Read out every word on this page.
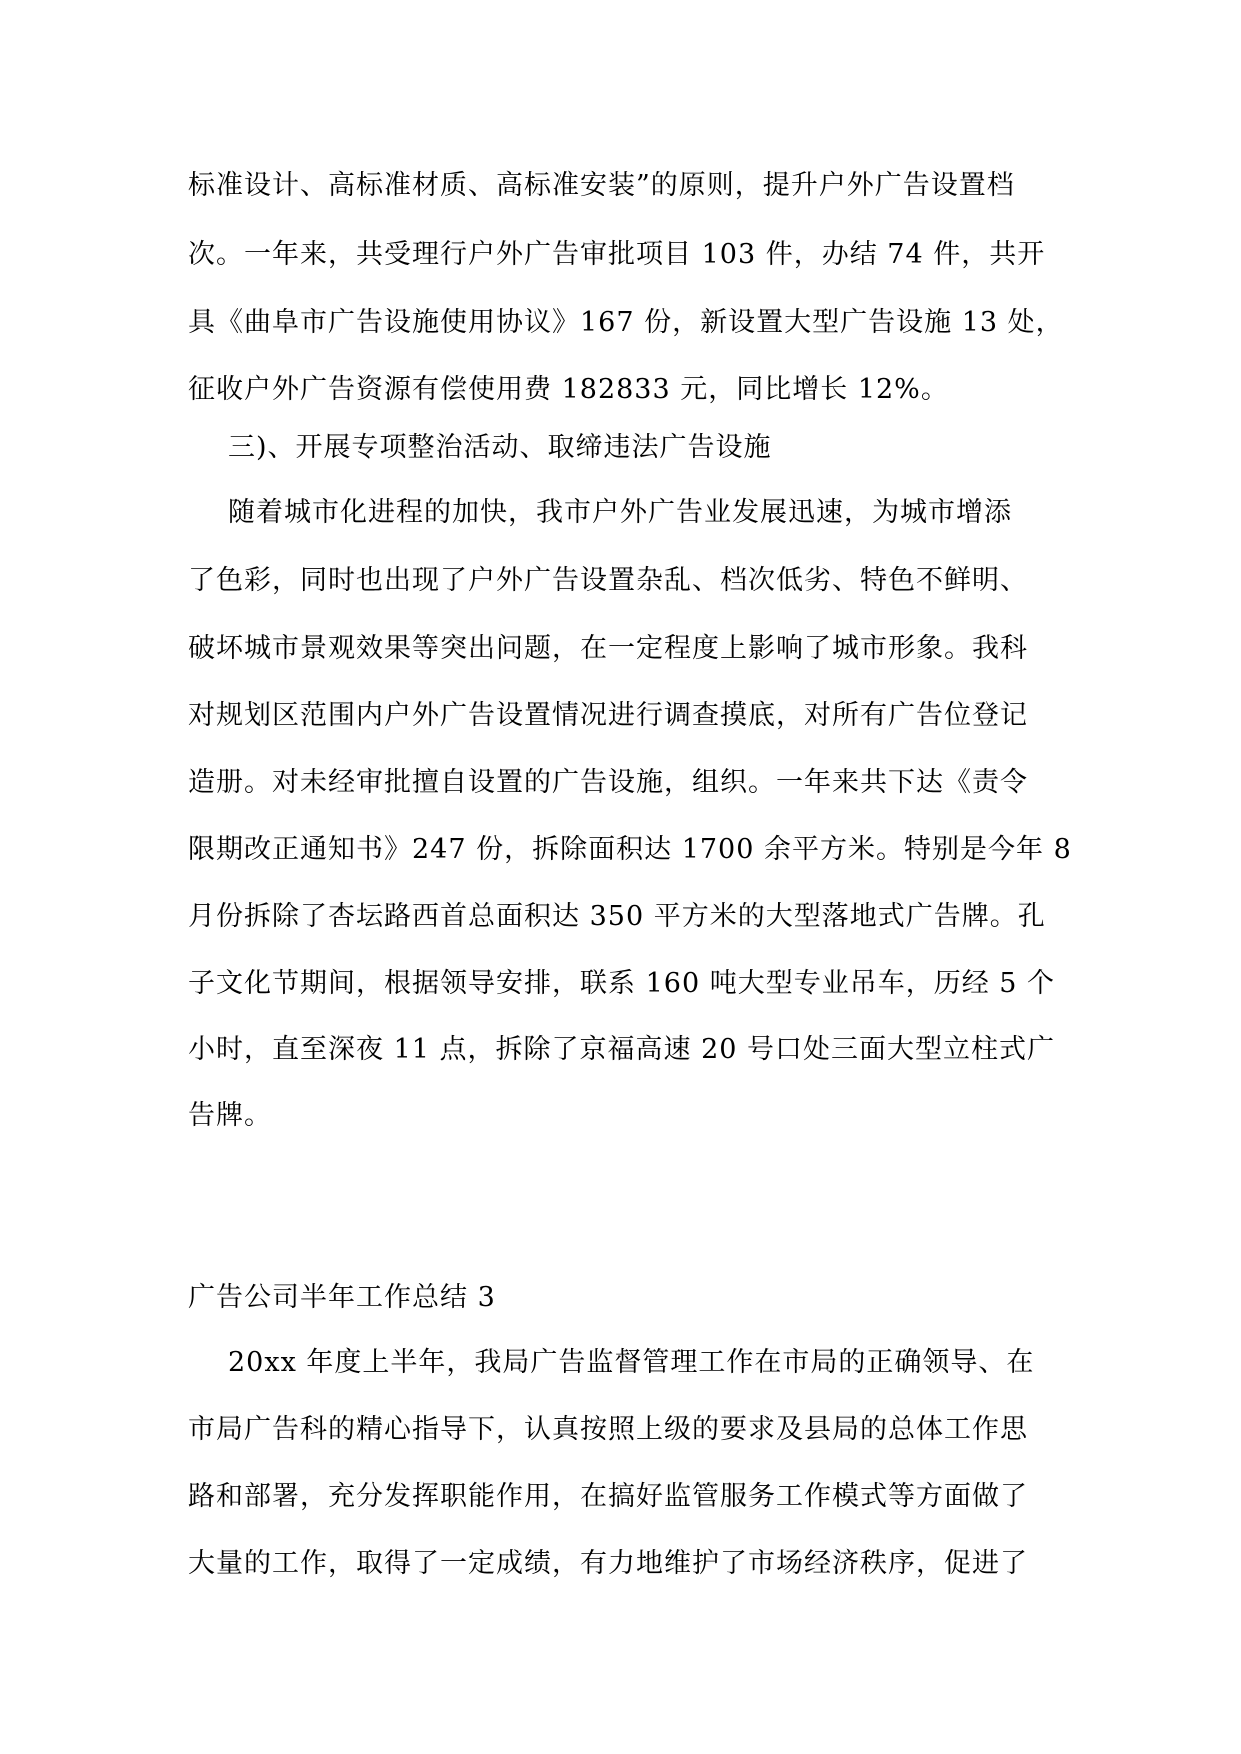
标准设计、高标准材质、高标准安装”的原则，提升户外广告设置档
次。一年来，共受理行户外广告审批项目 103 件，办结 74 件，共开
具《曲阜市广告设施使用协议》167 份，新设置大型广告设施 13 处，
征收户外广告资源有偿使用费 182833 元，同比增长 12%。
三)、开展专项整治活动、取缔违法广告设施
随着城市化进程的加快，我市户外广告业发展迅速，为城市增添
了色彩，同时也出现了户外广告设置杂乱、档次低劣、特色不鲜明、
破坏城市景观效果等突出问题，在一定程度上影响了城市形象。我科
对规划区范围内户外广告设置情况进行调查摸底，对所有广告位登记
造册。对未经审批擅自设置的广告设施，组织。一年来共下达《责令
限期改正通知书》247 份，拆除面积达 1700 余平方米。特别是今年 8
月份拆除了杏坛路西首总面积达 350 平方米的大型落地式广告牌。孔
子文化节期间，根据领导安排，联系 160 吨大型专业吊车，历经 5 个
小时，直至深夜 11 点，拆除了京福高速 20 号口处三面大型立柱式广
告牌。
广告公司半年工作总结 3
20xx 年度上半年，我局广告监督管理工作在市局的正确领导、在
市局广告科的精心指导下，认真按照上级的要求及县局的总体工作思
路和部署，充分发挥职能作用，在搞好监管服务工作模式等方面做了
大量的工作，取得了一定成绩，有力地维护了市场经济秩序，促进了
